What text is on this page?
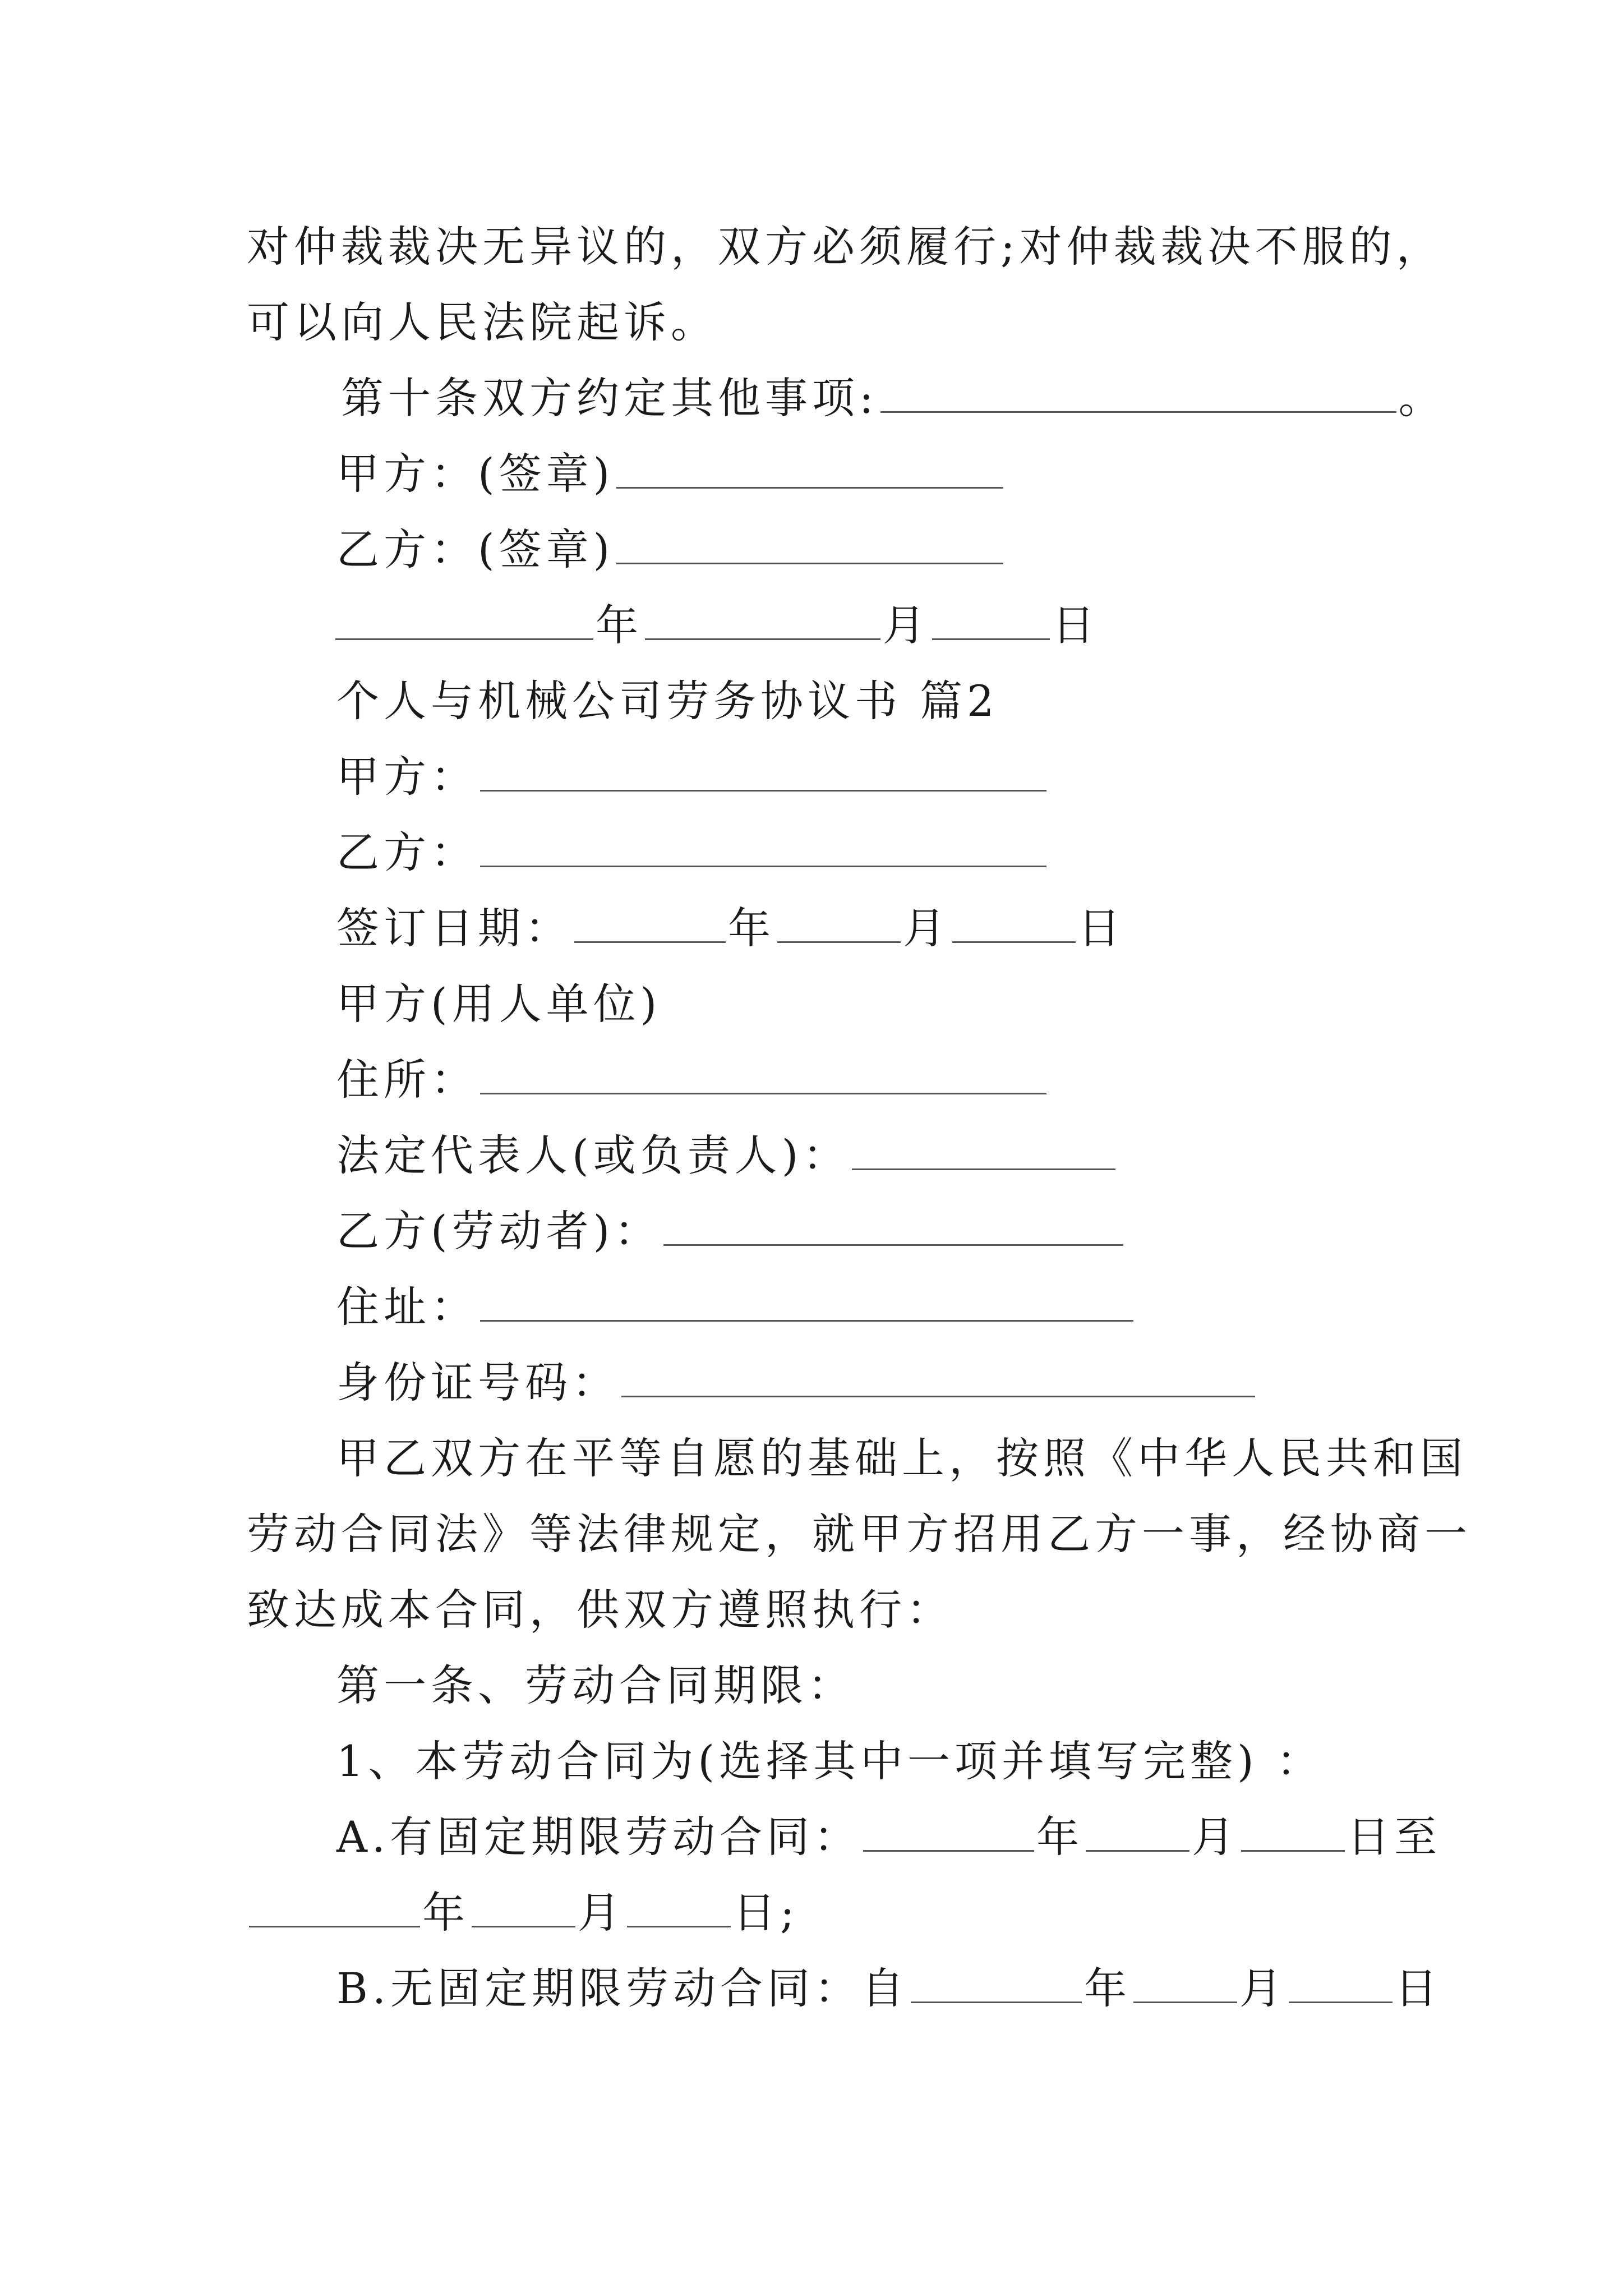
对仲裁裁决无异议的，双方必须履行;对仲裁裁决不服的，
可以向人民法院起诉。
第十条双方约定其他事项:	。
甲方：(签章)
乙方：(签章)
年	月	日
个人与机械公司劳务协议书 篇2
甲方：
乙方：
签订日期：	年	月	日
甲方(用人单位)
住所：
法定代表人(或负责人)：
乙方(劳动者)：
住址：
身份证号码：
甲乙双方在平等自愿的基础上，按照《中华人民共和国
劳动合同法》等法律规定，就甲方招用乙方一事，经协商一
致达成本合同，供双方遵照执行：
第一条、劳动合同期限：
1、本劳动合同为(选择其中一项并填写完整) ：
A.有固定期限劳动合同：	年	月	日至
年	月	日;
B.无固定期限劳动合同：自	年	月	日
